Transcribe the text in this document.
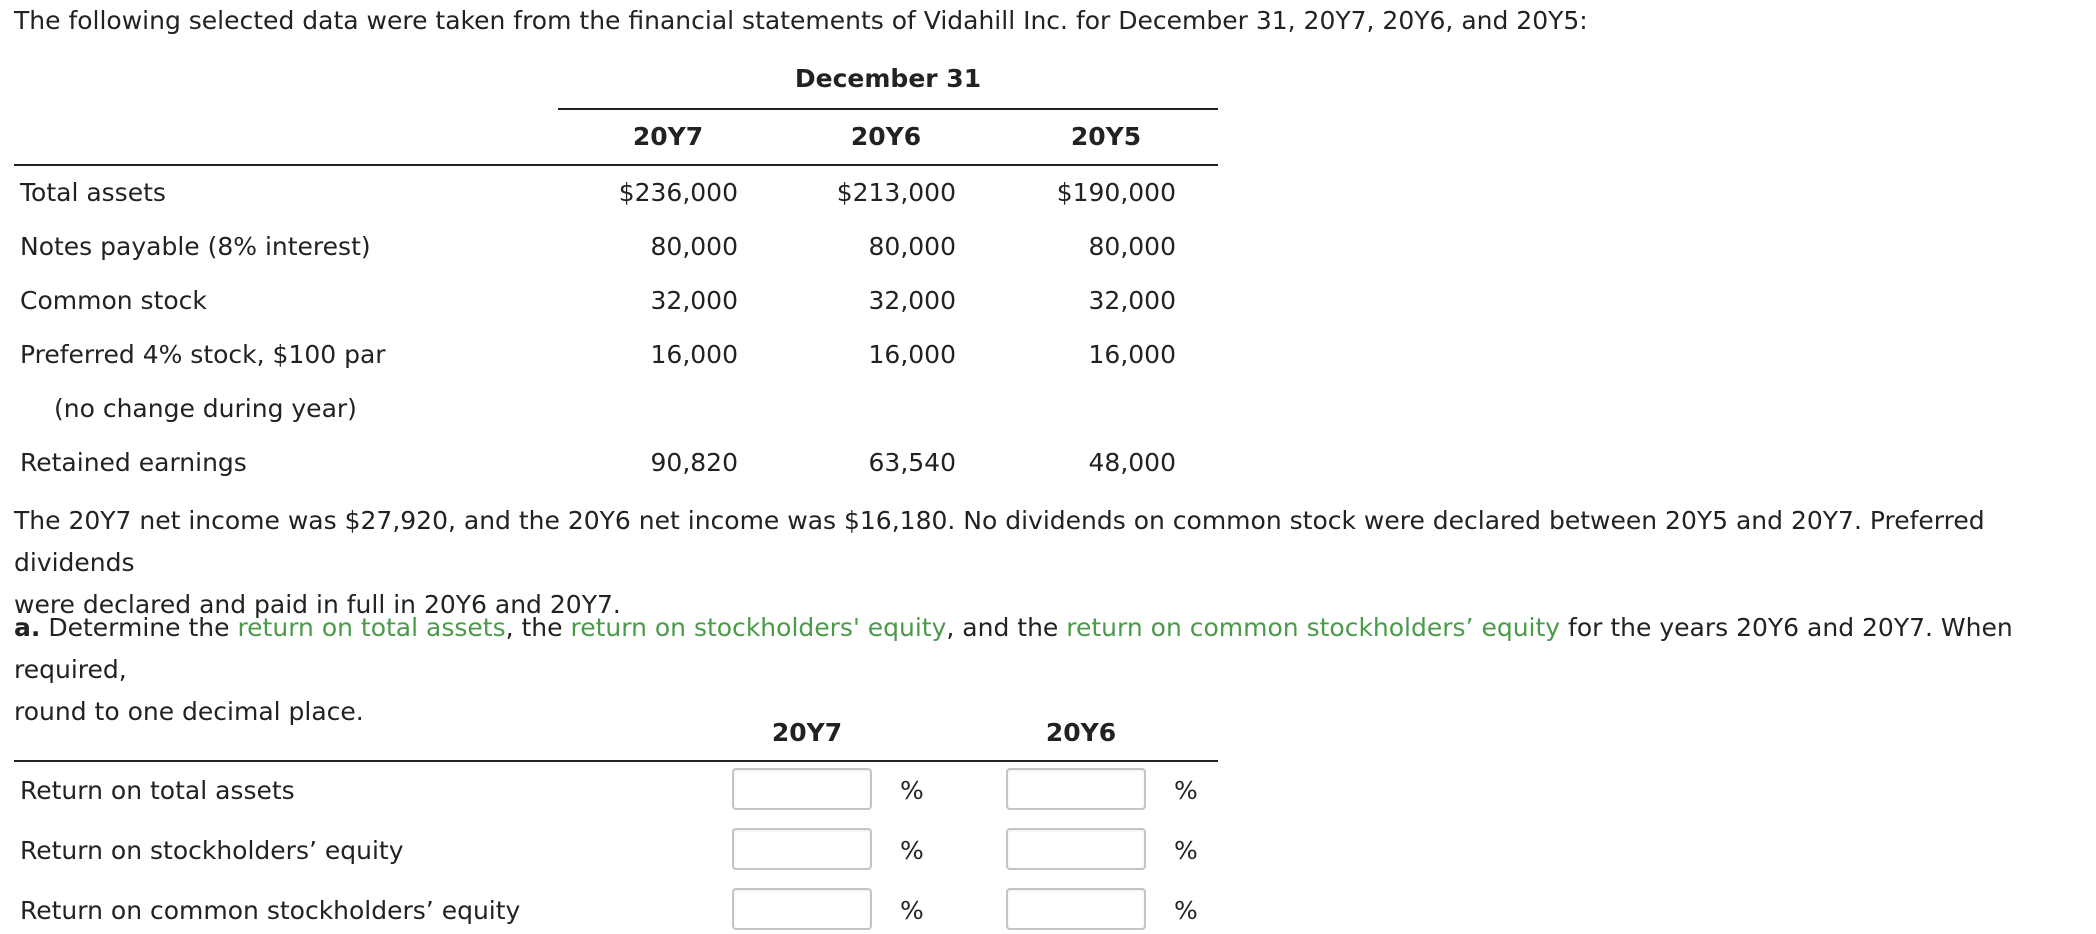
The following selected data were taken from the financial statements of Vidahill Inc. for December 31, 20Y7, 20Y6, and 20Y5:
December 31
20Y7	20Y6	20Y5
Total assets	$236,000	$213,000	$190,000
Notes payable (8% interest)	80,000	80,000	80,000
Common stock	32,000	32,000	32,000
Preferred 4% stock, $100 par	16,000	16,000	16,000
(no change during year)
Retained earnings	90,820	63,540	48,000
The 20Y7 net income was $27,920, and the 20Y6 net income was $16,180. No dividends on common stock were declared between 20Y5 and 20Y7. Preferred dividends
were declared and paid in full in 20Y6 and 20Y7.
a. Determine the return on total assets, the return on stockholders' equity, and the return on common stockholders’ equity for the years 20Y6 and 20Y7. When required,
round to one decimal place.
20Y7	20Y6
Return on total assets	%	%
Return on stockholders’ equity	%	%
Return on common stockholders’ equity	%	%
